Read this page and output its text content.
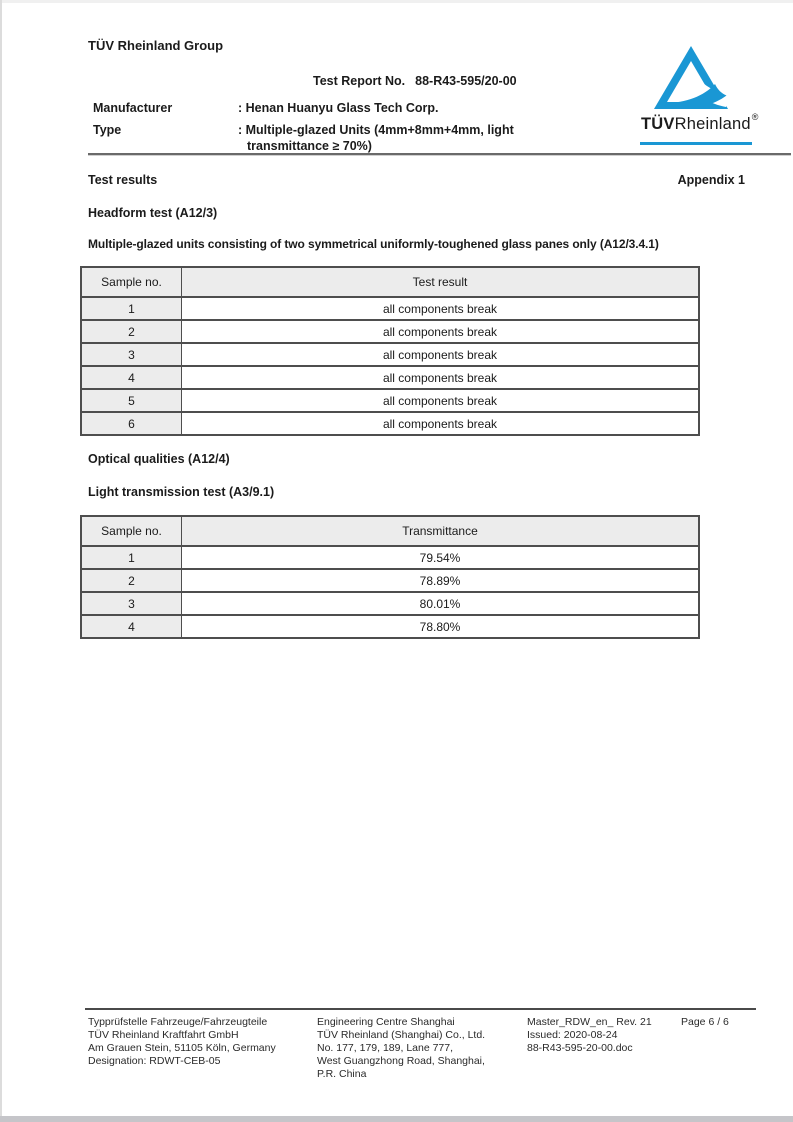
TÜV Rheinland Group
Test Report No. 88-R43-595/20-00
TÜVRheinland®
Manufacturer	: Henan Huanyu Glass Tech Corp.
Type	: Multiple-glazed Units (4mm+8mm+4mm, light
transmittance ≥ 70%)
Test results	Appendix 1
Headform test (A12/3)
Multiple-glazed units consisting of two symmetrical uniformly-toughened glass panes only (A12/3.4.1)
Sample no.	Test result
1	all components break
2	all components break
3	all components break
4	all components break
5	all components break
6	all components break
Optical qualities (A12/4)
Light transmission test (A3/9.1)
Sample no.	Transmittance
1	79.54%
2	78.89%
3	80.01%
4	78.80%
Typprüfstelle Fahrzeuge/Fahrzeugteile
TÜV Rheinland Kraftfahrt GmbH
Am Grauen Stein, 51105 Köln, Germany
Designation: RDWT-CEB-05
Engineering Centre Shanghai
TÜV Rheinland (Shanghai) Co., Ltd.
No. 177, 179, 189, Lane 777,
West Guangzhong Road, Shanghai,
P.R. China
Master_RDW_en_ Rev. 21
Issued: 2020-08-24
88-R43-595-20-00.doc
Page 6 / 6
